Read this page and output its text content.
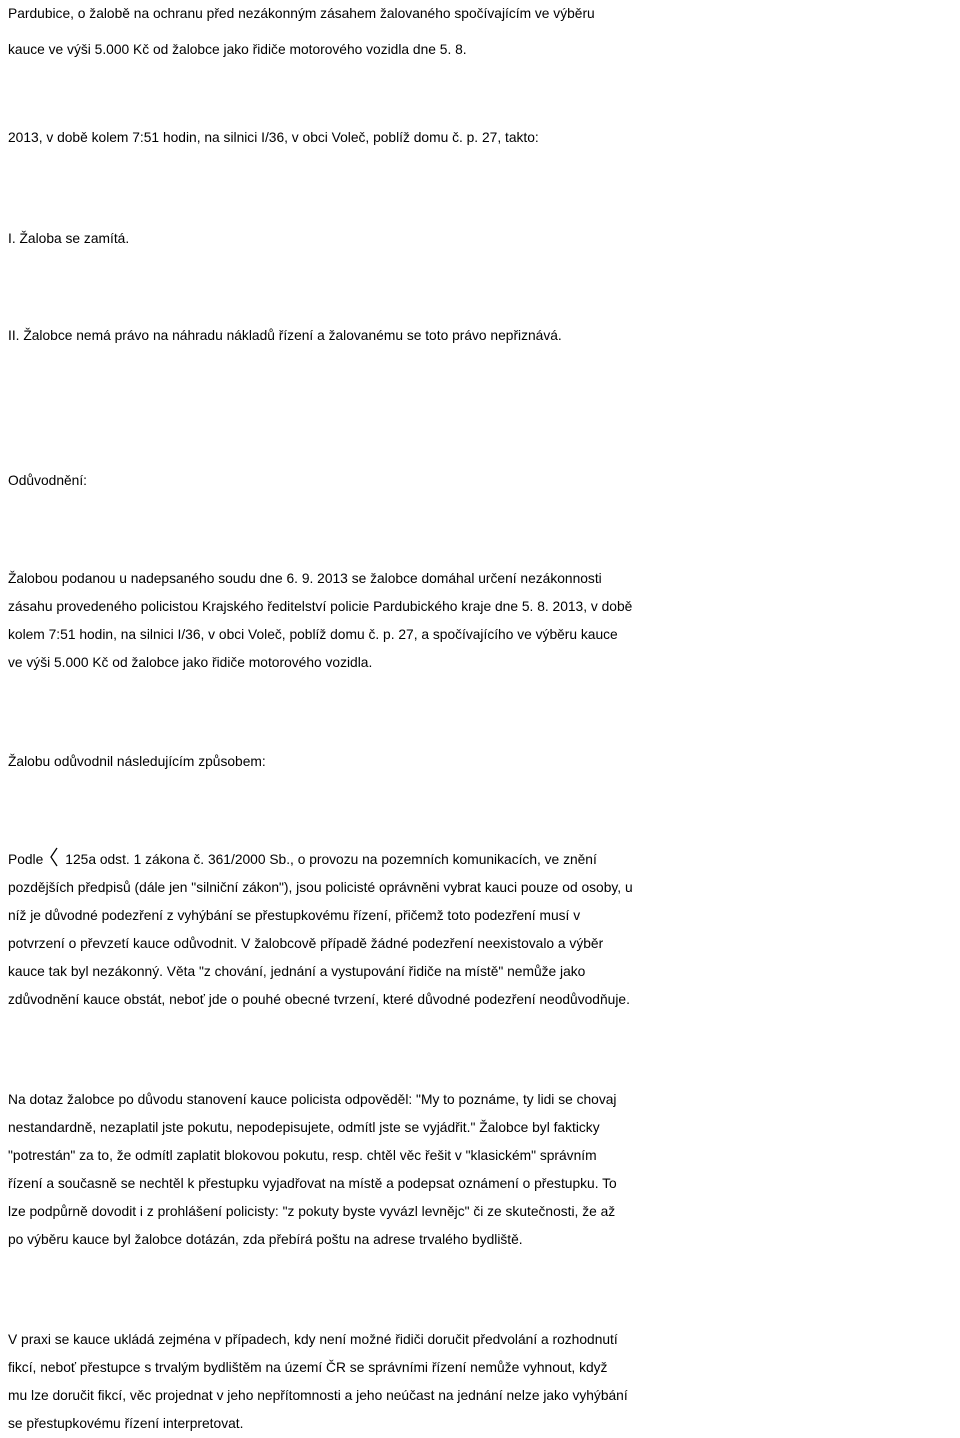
Pardubice, o žalobě na ochranu před nezákonným zásahem žalovaného spočívajícím ve výběru
kauce ve výši 5.000 Kč od žalobce jako řidiče motorového vozidla dne 5. 8.
2013, v době kolem 7:51 hodin, na silnici I/36, v obci Voleč, poblíž domu č. p. 27, takto:
I. Žaloba se zamítá.
II. Žalobce nemá právo na náhradu nákladů řízení a žalovanému se toto právo nepřiznává.
Odůvodnění:
Žalobou podanou u nadepsaného soudu dne 6. 9. 2013 se žalobce domáhal určení nezákonnosti
zásahu provedeného policistou Krajského ředitelství policie Pardubického kraje dne 5. 8. 2013, v době
kolem 7:51 hodin, na silnici I/36, v obci Voleč, poblíž domu č. p. 27, a spočívajícího ve výběru kauce
ve výši 5.000 Kč od žalobce jako řidiče motorového vozidla.
Žalobu odůvodnil následujícím způsobem:
Podle 125a odst. 1 zákona č. 361/2000 Sb., o provozu na pozemních komunikacích, ve znění
pozdějších předpisů (dále jen "silniční zákon"), jsou policisté oprávněni vybrat kauci pouze od osoby, u
níž je důvodné podezření z vyhýbání se přestupkovému řízení, přičemž toto podezření musí v
potvrzení o převzetí kauce odůvodnit. V žalobcově případě žádné podezření neexistovalo a výběr
kauce tak byl nezákonný. Věta "z chování, jednání a vystupování řidiče na místě" nemůže jako
zdůvodnění kauce obstát, neboť jde o pouhé obecné tvrzení, které důvodné podezření neodůvodňuje.
Na dotaz žalobce po důvodu stanovení kauce policista odpověděl: "My to poznáme, ty lidi se chovaj
nestandardně, nezaplatil jste pokutu, nepodepisujete, odmítl jste se vyjádřit." Žalobce byl fakticky
"potrestán" za to, že odmítl zaplatit blokovou pokutu, resp. chtěl věc řešit v "klasickém" správním
řízení a současně se nechtěl k přestupku vyjadřovat na místě a podepsat oznámení o přestupku. To
lze podpůrně dovodit i z prohlášení policisty: "z pokuty byste vyvázl levnějc" či ze skutečnosti, že až
po výběru kauce byl žalobce dotázán, zda přebírá poštu na adrese trvalého bydliště.
V praxi se kauce ukládá zejména v případech, kdy není možné řidiči doručit předvolání a rozhodnutí
fikcí, neboť přestupce s trvalým bydlištěm na území ČR se správními řízení nemůže vyhnout, když
mu lze doručit fikcí, věc projednat v jeho nepřítomnosti a jeho neúčast na jednání nelze jako vyhýbání
se přestupkovému řízení interpretovat.
